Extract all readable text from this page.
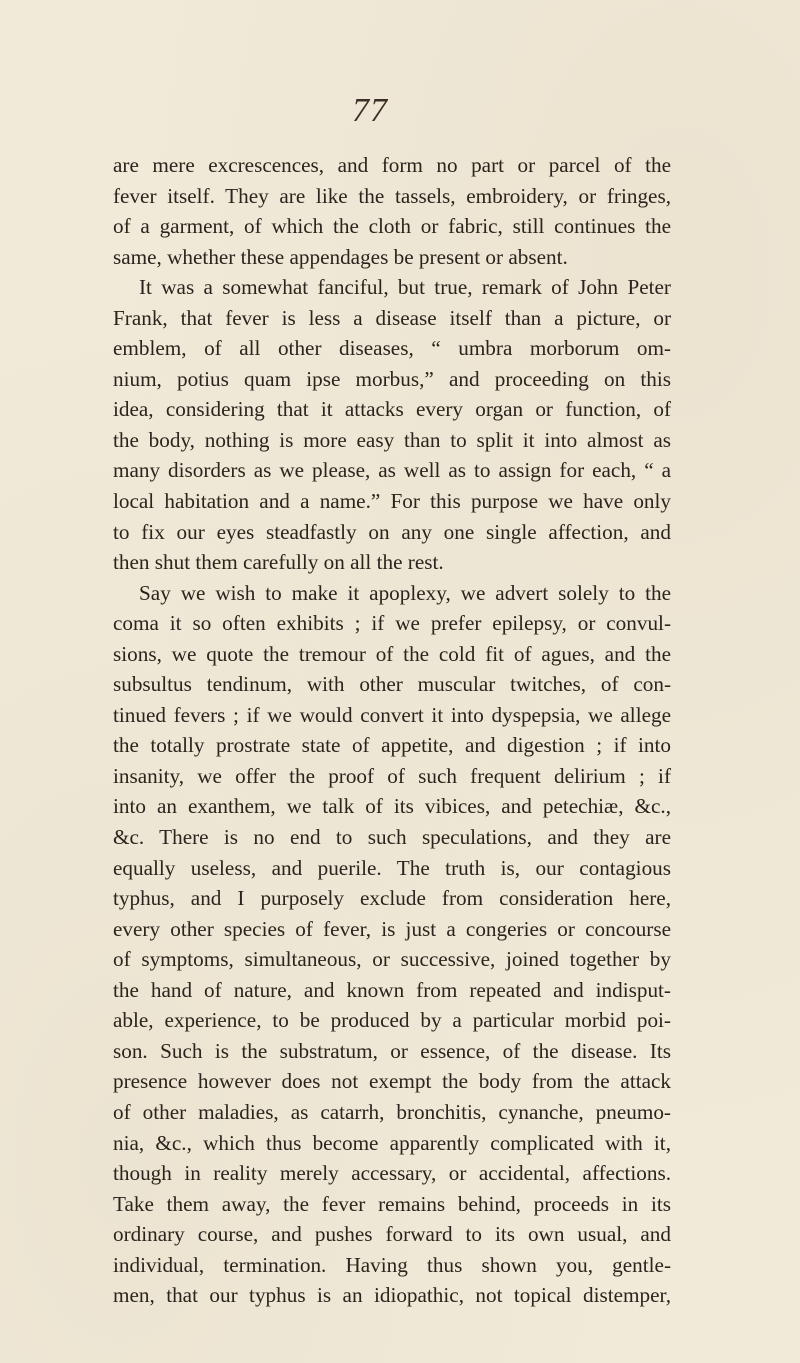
77
are mere excrescences, and form no part or parcel of the
fever itself. They are like the tassels, embroidery, or fringes,
of a garment, of which the cloth or fabric, still continues the
same, whether these appendages be present or absent.
It was a somewhat fanciful, but true, remark of John Peter
Frank, that fever is less a disease itself than a picture, or
emblem, of all other diseases, “ umbra morborum om-
nium, potius quam ipse morbus,” and proceeding on this
idea, considering that it attacks every organ or function, of
the body, nothing is more easy than to split it into almost as
many disorders as we please, as well as to assign for each, “ a
local habitation and a name.” For this purpose we have only
to fix our eyes steadfastly on any one single affection, and
then shut them carefully on all the rest.
Say we wish to make it apoplexy, we advert solely to the
coma it so often exhibits ; if we prefer epilepsy, or convul-
sions, we quote the tremour of the cold fit of agues, and the
subsultus tendinum, with other muscular twitches, of con-
tinued fevers ; if we would convert it into dyspepsia, we allege
the totally prostrate state of appetite, and digestion ; if into
insanity, we offer the proof of such frequent delirium ; if
into an exanthem, we talk of its vibices, and petechiæ, &c.,
&c. There is no end to such speculations, and they are
equally useless, and puerile. The truth is, our contagious
typhus, and I purposely exclude from consideration here,
every other species of fever, is just a congeries or concourse
of symptoms, simultaneous, or successive, joined together by
the hand of nature, and known from repeated and indisput-
able, experience, to be produced by a particular morbid poi-
son. Such is the substratum, or essence, of the disease. Its
presence however does not exempt the body from the attack
of other maladies, as catarrh, bronchitis, cynanche, pneumo-
nia, &c., which thus become apparently complicated with it,
though in reality merely accessary, or accidental, affections.
Take them away, the fever remains behind, proceeds in its
ordinary course, and pushes forward to its own usual, and
individual, termination. Having thus shown you, gentle-
men, that our typhus is an idiopathic, not topical distemper,
